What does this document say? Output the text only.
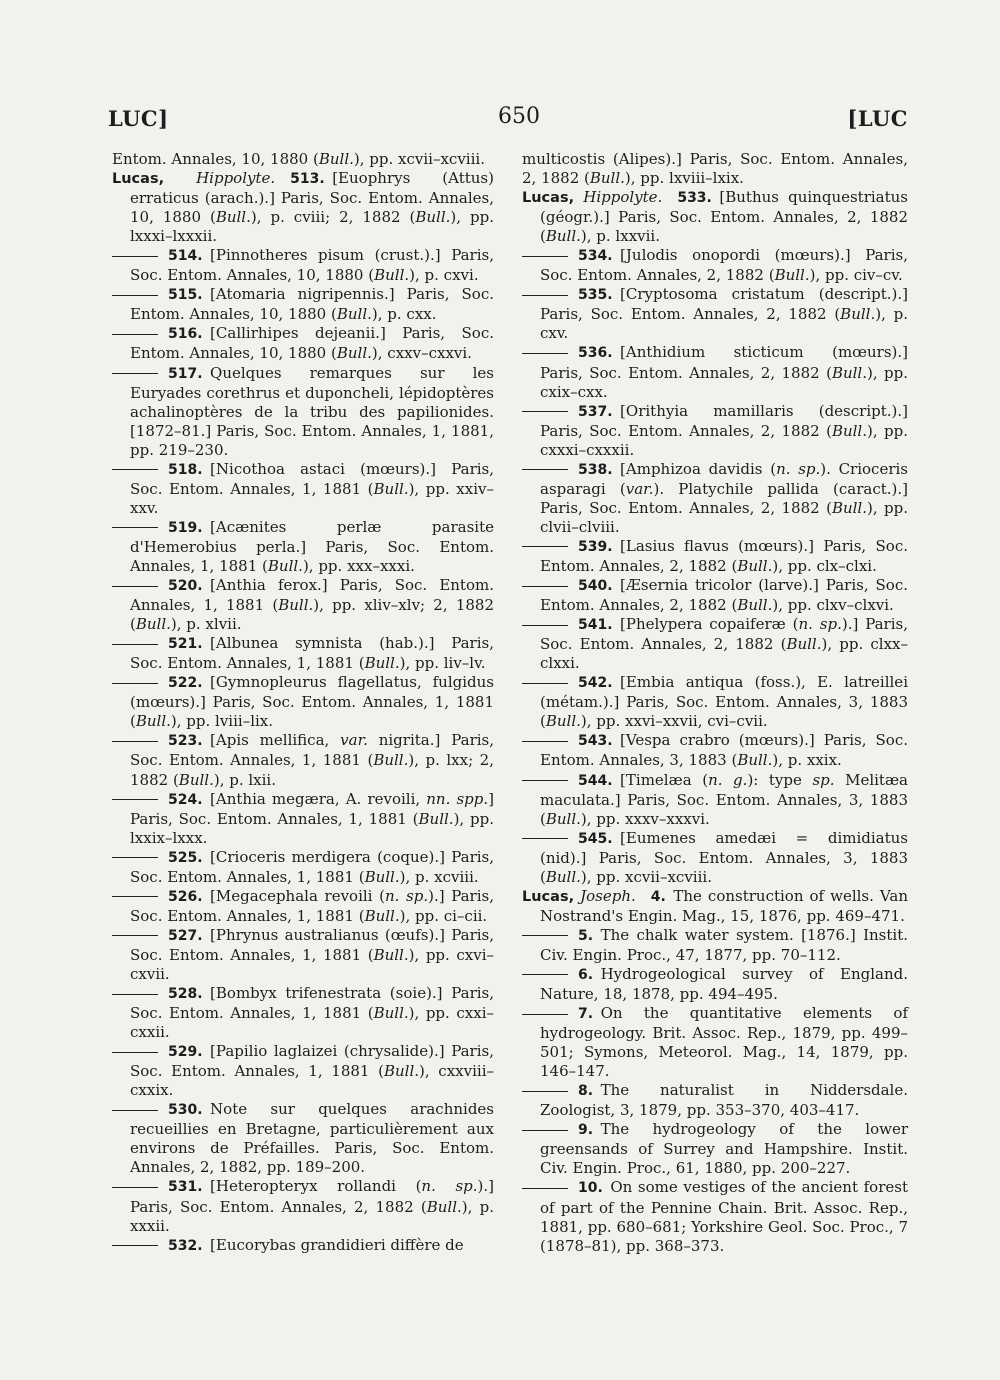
LUC]	650	[LUC

Entom. Annales, 10, 1880 (Bull.), pp. xcvii–xcviii.

Lucas, Hippolyte.  513.  [Euophrys (Attus) erraticus (arach.).] Paris, Soc. Entom. Annales, 10, 1880 (Bull.), p. cviii; 2, 1882 (Bull.), pp. lxxxi–lxxxii.

514.  [Pinnotheres pisum (crust.).] Paris, Soc. Entom. Annales, 10, 1880 (Bull.), p. cxvi.

515.  [Atomaria nigripennis.] Paris, Soc. Entom. Annales, 10, 1880 (Bull.), p. cxx.

516.  [Callirhipes dejeanii.] Paris, Soc. Entom. Annales, 10, 1880 (Bull.), cxxv–cxxvi.

517.  Quelques remarques sur les Euryades corethrus et duponcheli, lépidoptères achalinoptères de la tribu des papilionides. [1872–81.] Paris, Soc. Entom. Annales, 1, 1881, pp. 219–230.

518.  [Nicothoa astaci (mœurs).] Paris, Soc. Entom. Annales, 1, 1881 (Bull.), pp. xxiv–xxv.

519.  [Acænites perlæ parasite d'Hemerobius perla.] Paris, Soc. Entom. Annales, 1, 1881 (Bull.), pp. xxx–xxxi.

520.  [Anthia ferox.] Paris, Soc. Entom. Annales, 1, 1881 (Bull.), pp. xliv–xlv; 2, 1882 (Bull.), p. xlvii.

521.  [Albunea symnista (hab.).] Paris, Soc. Entom. Annales, 1, 1881 (Bull.), pp. liv–lv.

522.  [Gymnopleurus flagellatus, fulgidus (mœurs).] Paris, Soc. Entom. Annales, 1, 1881 (Bull.), pp. lviii–lix.

523.  [Apis mellifica, var. nigrita.] Paris, Soc. Entom. Annales, 1, 1881 (Bull.), p. lxx; 2, 1882 (Bull.), p. lxii.

524.  [Anthia megæra, A. revoili, nn. spp.] Paris, Soc. Entom. Annales, 1, 1881 (Bull.), pp. lxxix–lxxx.

525.  [Crioceris merdigera (coque).] Paris, Soc. Entom. Annales, 1, 1881 (Bull.), p. xcviii.

526.  [Megacephala revoili (n. sp.).] Paris, Soc. Entom. Annales, 1, 1881 (Bull.), pp. ci–cii.

527.  [Phrynus australianus (œufs).] Paris, Soc. Entom. Annales, 1, 1881 (Bull.), pp. cxvi–cxvii.

528.  [Bombyx trifenestrata (soie).] Paris, Soc. Entom. Annales, 1, 1881 (Bull.), pp. cxxi–cxxii.

529.  [Papilio laglaizei (chrysalide).] Paris, Soc. Entom. Annales, 1, 1881 (Bull.), cxxviii–cxxix.

530.  Note sur quelques arachnides recueillies en Bretagne, particulièrement aux environs de Préfailles. Paris, Soc. Entom. Annales, 2, 1882, pp. 189–200.

531.  [Heteropteryx rollandi (n. sp.).] Paris, Soc. Entom. Annales, 2, 1882 (Bull.), p. xxxii.

532.  [Eucorybas grandidieri diffère de

multicostis (Alipes).] Paris, Soc. Entom. Annales, 2, 1882 (Bull.), pp. lxviii–lxix.

Lucas, Hippolyte.  533.  [Buthus quinquestriatus (géogr.).] Paris, Soc. Entom. Annales, 2, 1882 (Bull.), p. lxxvii.

534.  [Julodis onopordi (mœurs).] Paris, Soc. Entom. Annales, 2, 1882 (Bull.), pp. civ–cv.

535.  [Cryptosoma cristatum (descript.).] Paris, Soc. Entom. Annales, 2, 1882 (Bull.), p. cxv.

536.  [Anthidium sticticum (mœurs).] Paris, Soc. Entom. Annales, 2, 1882 (Bull.), pp. cxix–cxx.

537.  [Orithyia mamillaris (descript.).] Paris, Soc. Entom. Annales, 2, 1882 (Bull.), pp. cxxxi–cxxxii.

538.  [Amphizoa davidis (n. sp.). Crioceris asparagi (var.). Platychile pallida (caract.).] Paris, Soc. Entom. Annales, 2, 1882 (Bull.), pp. clvii–clviii.

539.  [Lasius flavus (mœurs).] Paris, Soc. Entom. Annales, 2, 1882 (Bull.), pp. clx–clxi.

540.  [Æsernia tricolor (larve).] Paris, Soc. Entom. Annales, 2, 1882 (Bull.), pp. clxv–clxvi.

541.  [Phelypera copaiferæ (n. sp.).] Paris, Soc. Entom. Annales, 2, 1882 (Bull.), pp. clxx–clxxi.

542.  [Embia antiqua (foss.), E. latreillei (métam.).] Paris, Soc. Entom. Annales, 3, 1883 (Bull.), pp. xxvi–xxvii, cvi–cvii.

543.  [Vespa crabro (mœurs).] Paris, Soc. Entom. Annales, 3, 1883 (Bull.), p. xxix.

544.  [Timelæa (n. g.): type sp. Melitæa maculata.] Paris, Soc. Entom. Annales, 3, 1883 (Bull.), pp. xxxv–xxxvi.

545.  [Eumenes amedæi = dimidiatus (nid).] Paris, Soc. Entom. Annales, 3, 1883 (Bull.), pp. xcvii–xcviii.

Lucas, Joseph.  4.  The construction of wells. Van Nostrand's Engin. Mag., 15, 1876, pp. 469–471.

5.  The chalk water system. [1876.] Instit. Civ. Engin. Proc., 47, 1877, pp. 70–112.

6.  Hydrogeological survey of England. Nature, 18, 1878, pp. 494–495.

7.  On the quantitative elements of hydrogeology. Brit. Assoc. Rep., 1879, pp. 499–501; Symons, Meteorol. Mag., 14, 1879, pp. 146–147.

8.  The naturalist in Niddersdale. Zoologist, 3, 1879, pp. 353–370, 403–417.

9.  The hydrogeology of the lower greensands of Surrey and Hampshire. Instit. Civ. Engin. Proc., 61, 1880, pp. 200–227.

10.  On some vestiges of the ancient forest of part of the Pennine Chain. Brit. Assoc. Rep., 1881, pp. 680–681; Yorkshire Geol. Soc. Proc., 7 (1878–81), pp. 368–373.
